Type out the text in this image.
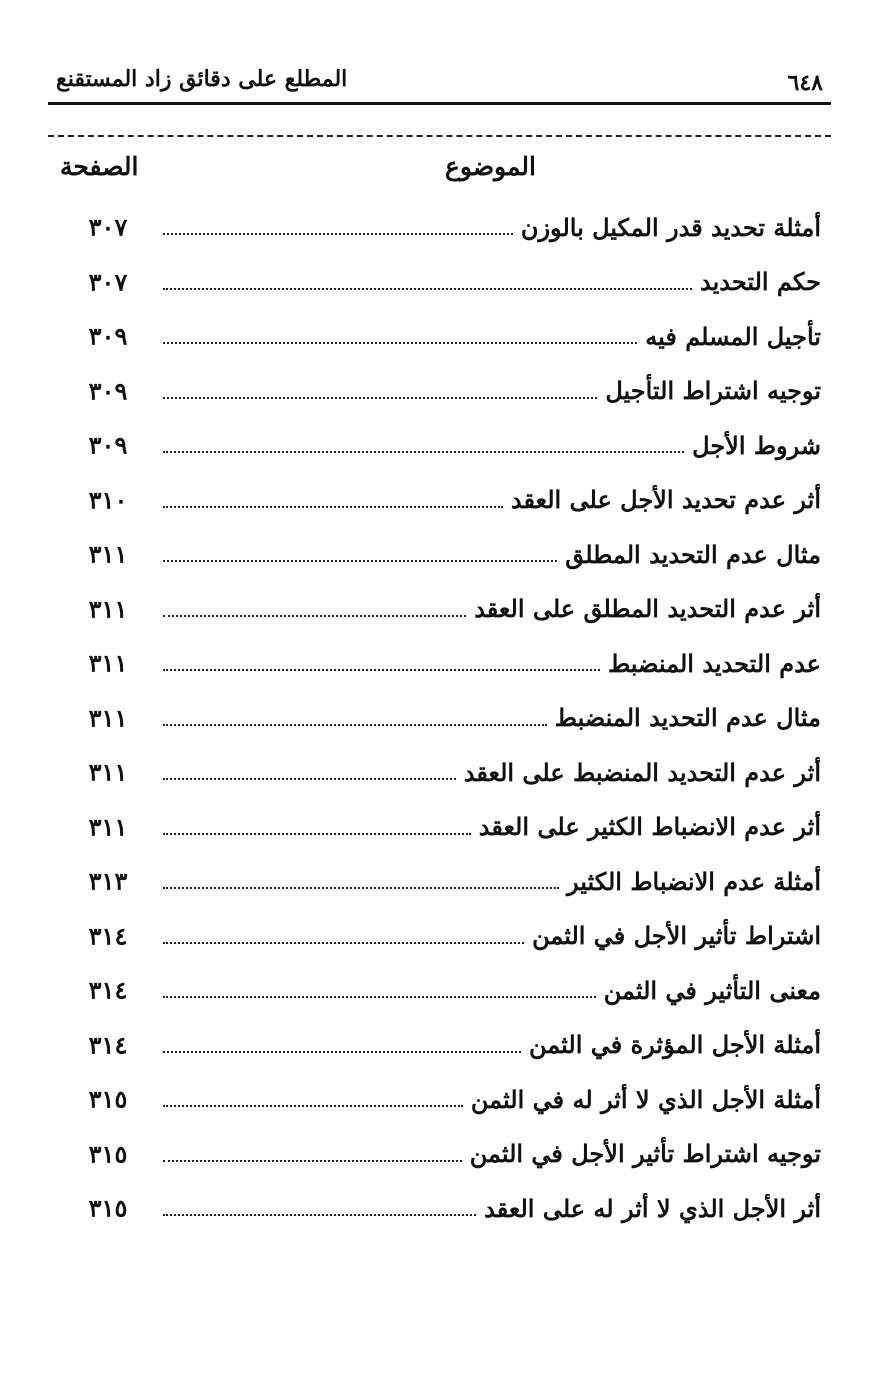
٦٤٨
المطلع على دقائق زاد المستقنع
الموضوع
الصفحة
أمثلة تحديد قدر المكيل بالوزن
٣٠٧
حكم التحديد
٣٠٧
تأجيل المسلم فيه
٣٠٩
توجيه اشتراط التأجيل
٣٠٩
شروط الأجل
٣٠٩
أثر عدم تحديد الأجل على العقد
٣١٠
مثال عدم التحديد المطلق
٣١١
أثر عدم التحديد المطلق على العقد
٣١١
عدم التحديد المنضبط
٣١١
مثال عدم التحديد المنضبط
٣١١
أثر عدم التحديد المنضبط على العقد
٣١١
أثر عدم الانضباط الكثير على العقد
٣١١
أمثلة عدم الانضباط الكثير
٣١٣
اشتراط تأثير الأجل في الثمن
٣١٤
معنى التأثير في الثمن
٣١٤
أمثلة الأجل المؤثرة في الثمن
٣١٤
أمثلة الأجل الذي لا أثر له في الثمن
٣١٥
توجيه اشتراط تأثير الأجل في الثمن
٣١٥
أثر الأجل الذي لا أثر له على العقد
٣١٥
